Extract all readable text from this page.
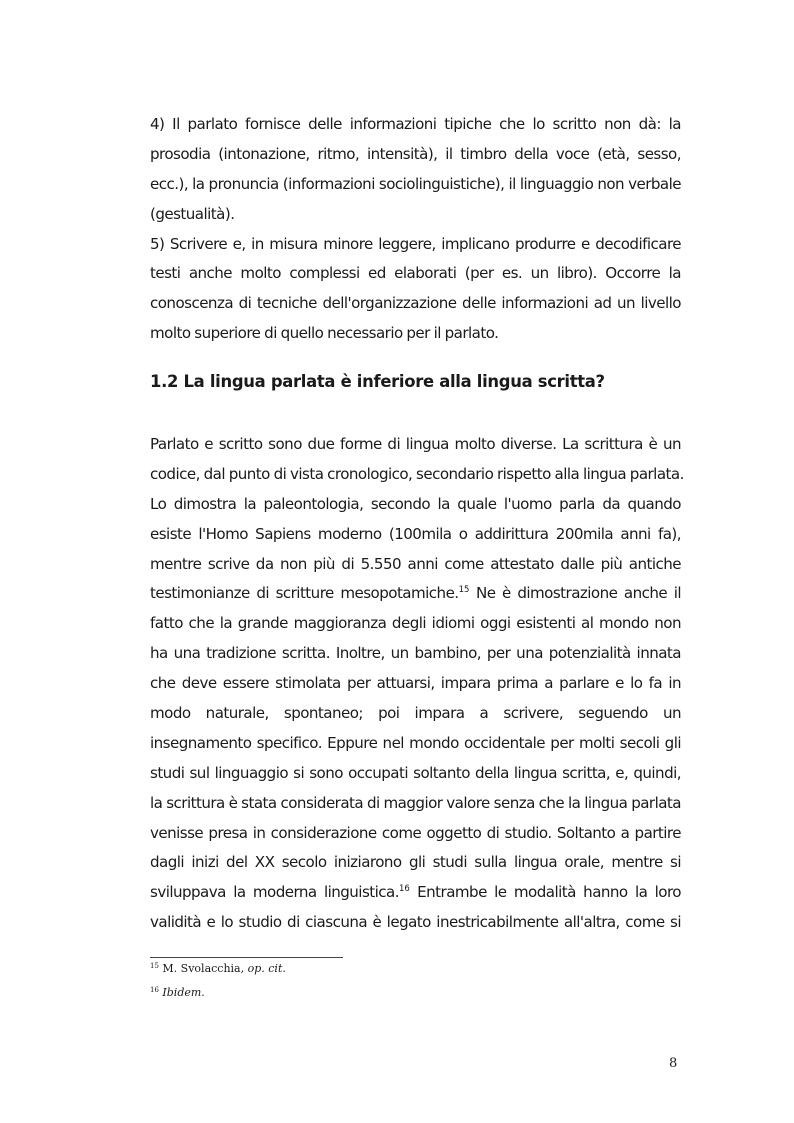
4) Il parlato fornisce delle informazioni tipiche che lo scritto non dà: la
prosodia (intonazione, ritmo, intensità), il timbro della voce (età, sesso,
ecc.), la pronuncia (informazioni sociolinguistiche), il linguaggio non verbale
(gestualità).
5) Scrivere e, in misura minore leggere, implicano produrre e decodificare
testi anche molto complessi ed elaborati (per es. un libro). Occorre la
conoscenza di tecniche dell'organizzazione delle informazioni ad un livello
molto superiore di quello necessario per il parlato.
1.2 La lingua parlata è inferiore alla lingua scritta?
Parlato e scritto sono due forme di lingua molto diverse. La scrittura è un
codice, dal punto di vista cronologico, secondario rispetto alla lingua parlata.
Lo dimostra la paleontologia, secondo la quale l'uomo parla da quando
esiste l'Homo Sapiens moderno (100mila o addirittura 200mila anni fa),
mentre scrive da non più di 5.550 anni come attestato dalle più antiche
testimonianze di scritture mesopotamiche.$^{15}$ Ne è dimostrazione anche il
fatto che la grande maggioranza degli idiomi oggi esistenti al mondo non
ha una tradizione scritta. Inoltre, un bambino, per una potenzialità innata
che deve essere stimolata per attuarsi, impara prima a parlare e lo fa in
modo naturale, spontaneo; poi impara a scrivere, seguendo un
insegnamento specifico. Eppure nel mondo occidentale per molti secoli gli
studi sul linguaggio si sono occupati soltanto della lingua scritta, e, quindi,
la scrittura è stata considerata di maggior valore senza che la lingua parlata
venisse presa in considerazione come oggetto di studio. Soltanto a partire
dagli inizi del XX secolo iniziarono gli studi sulla lingua orale, mentre si
sviluppava la moderna linguistica.$^{16}$ Entrambe le modalità hanno la loro
validità e lo studio di ciascuna è legato inestricabilmente all'altra, come si
$^{15}$ M. Svolacchia, op. cit.
$^{16}$ Ibidem.
8
